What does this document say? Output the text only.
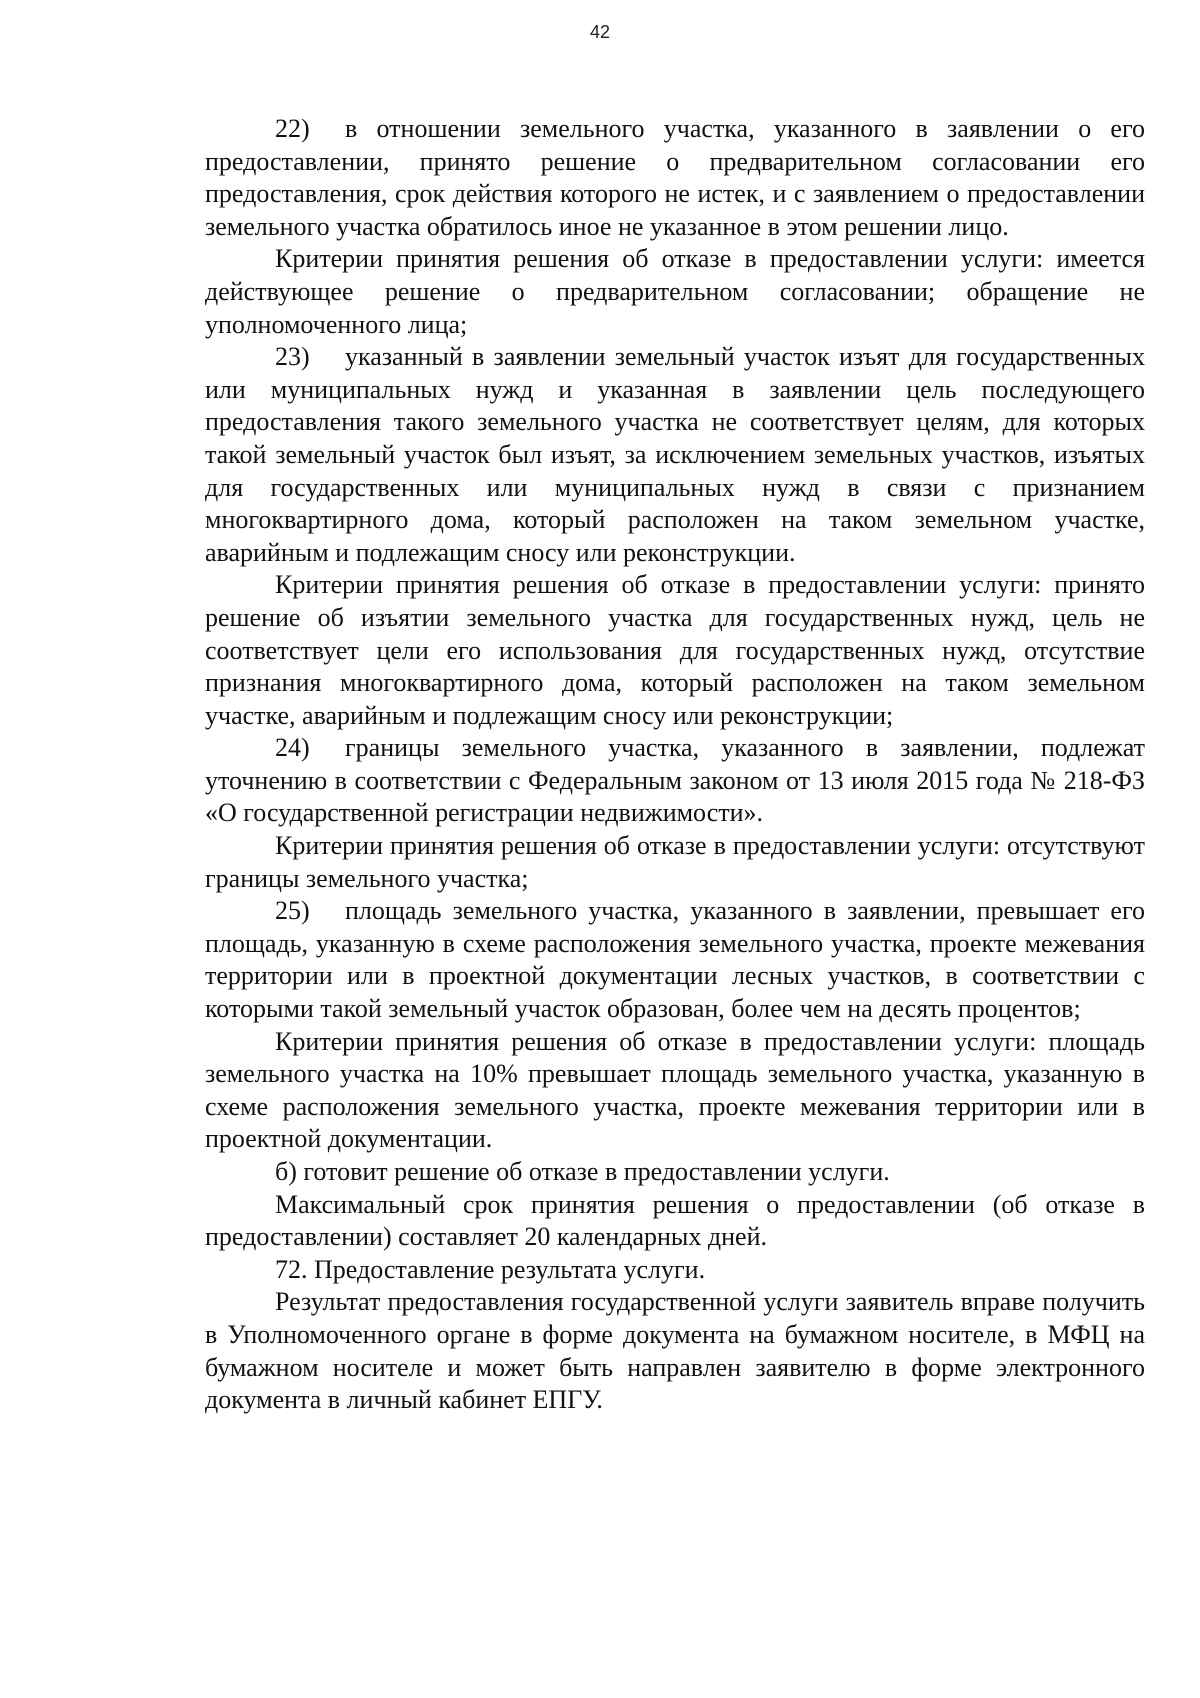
42

22) в отношении земельного участка, указанного в заявлении о его предоставлении, принято решение о предварительном согласовании его предоставления, срок действия которого не истек, и с заявлением о предоставлении земельного участка обратилось иное не указанное в этом решении лицо.

Критерии принятия решения об отказе в предоставлении услуги: имеется действующее решение о предварительном согласовании; обращение не уполномоченного лица;

23) указанный в заявлении земельный участок изъят для государственных или муниципальных нужд и указанная в заявлении цель последующего предоставления такого земельного участка не соответствует целям, для которых такой земельный участок был изъят, за исключением земельных участков, изъятых для государственных или муниципальных нужд в связи с признанием многоквартирного дома, который расположен на таком земельном участке, аварийным и подлежащим сносу или реконструкции.

Критерии принятия решения об отказе в предоставлении услуги: принято решение об изъятии земельного участка для государственных нужд, цель не соответствует цели его использования для государственных нужд, отсутствие признания многоквартирного дома, который расположен на таком земельном участке, аварийным и подлежащим сносу или реконструкции;

24) границы земельного участка, указанного в заявлении, подлежат уточнению в соответствии с Федеральным законом от 13 июля 2015 года № 218-ФЗ «О государственной регистрации недвижимости».

Критерии принятия решения об отказе в предоставлении услуги: отсутствуют границы земельного участка;

25) площадь земельного участка, указанного в заявлении, превышает его площадь, указанную в схеме расположения земельного участка, проекте межевания территории или в проектной документации лесных участков, в соответствии с которыми такой земельный участок образован, более чем на десять процентов;

Критерии принятия решения об отказе в предоставлении услуги: площадь земельного участка на 10% превышает площадь земельного участка, указанную в схеме расположения земельного участка, проекте межевания территории или в проектной документации.

б) готовит решение об отказе в предоставлении услуги.

Максимальный срок принятия решения о предоставлении (об отказе в предоставлении) составляет 20 календарных дней.

72. Предоставление результата услуги.

Результат предоставления государственной услуги заявитель вправе получить в Уполномоченного органе в форме документа на бумажном носителе, в МФЦ на бумажном носителе и может быть направлен заявителю в форме электронного документа в личный кабинет ЕПГУ.
